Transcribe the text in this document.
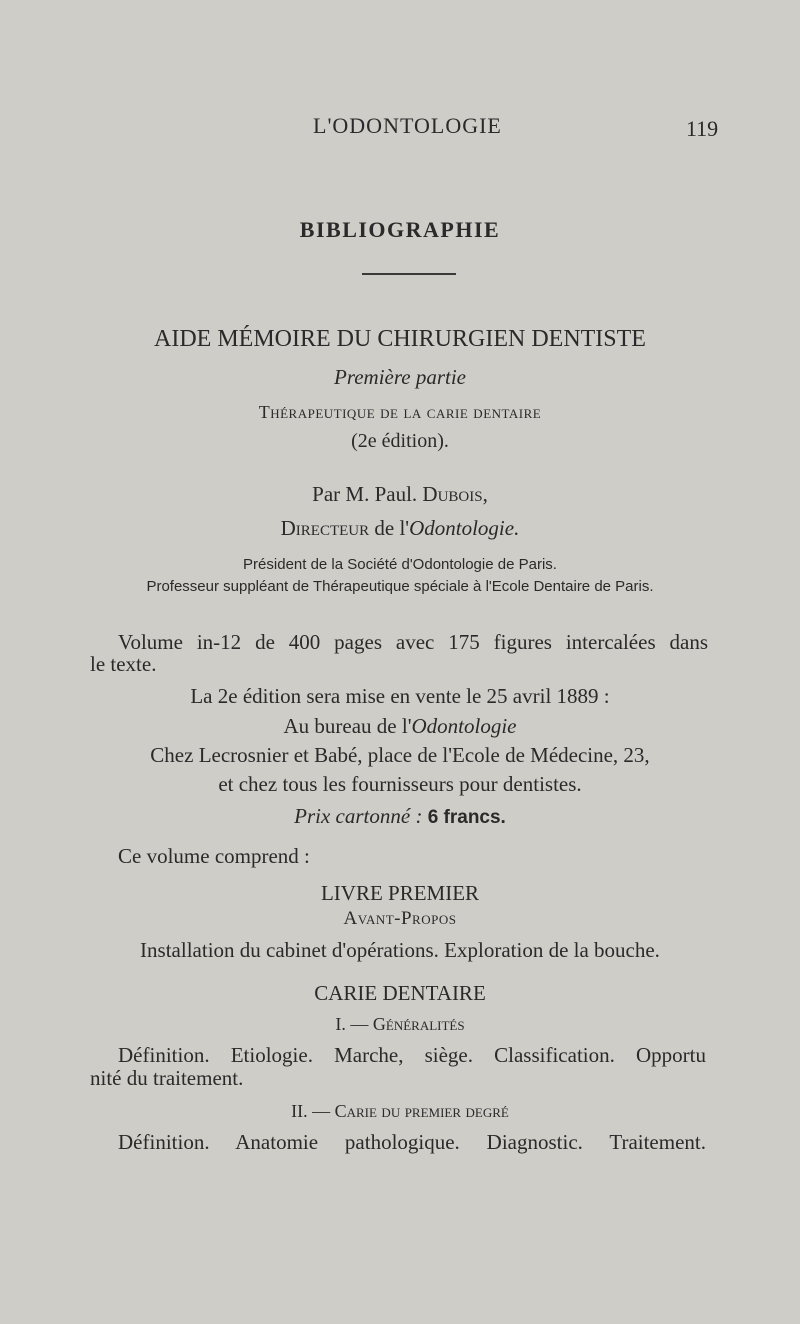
L'ODONTOLOGIE	119
BIBLIOGRAPHIE
AIDE MÉMOIRE DU CHIRURGIEN DENTISTE
Première partie
Thérapeutique de la carie dentaire
(2e édition).
Par M. Paul. Dubois,
Directeur de l'Odontologie.
Président de la Société d'Odontologie de Paris.
Professeur suppléant de Thérapeutique spéciale à l'Ecole Dentaire de Paris.
Volume in-12 de 400 pages avec 175 figures intercalées dans
le texte.
La 2e édition sera mise en vente le 25 avril 1889 :
Au bureau de l'Odontologie
Chez Lecrosnier et Babé, place de l'Ecole de Médecine, 23,
et chez tous les fournisseurs pour dentistes.
Prix cartonné : 6 francs.
Ce volume comprend :
LIVRE PREMIER
Avant-Propos
Installation du cabinet d'opérations. Exploration de la bouche.
CARIE DENTAIRE
I. — Généralités
Définition. Etiologie. Marche, siège. Classification. Opportu
nité du traitement.
II. — Carie du premier degré
Définition. Anatomie pathologique. Diagnostic. Traitement.
